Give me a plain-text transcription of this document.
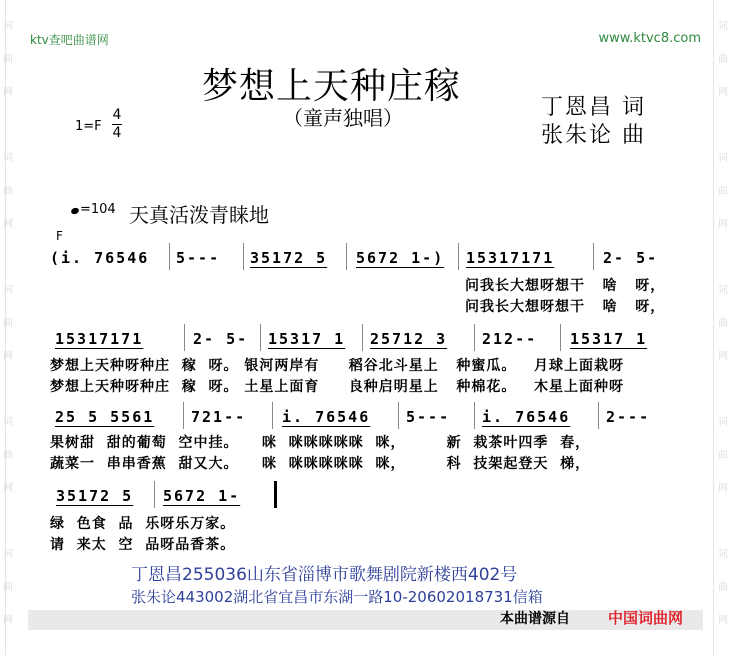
词
曲
网

词
曲
网

词
曲
网

词
曲
网

词
曲
网
词
曲
网

词
曲
网

词
曲
网

词
曲
网

词
曲
网
ktv查吧曲谱网	www.ktvc8.com
梦想上天种庄稼
（童声独唱）	丁恩昌 词
张朱论 曲
1=F
4
4
=104 天真活泼青睐地
F
(i. 76546 5--- 35172 5 5672 1-) 15317171	2- 5-
问我长大想呀想干   啥   呀，
问我长大想呀想干   啥   呀，
15317171	2- 5- 15317 1 25712 3 212-- 15317 1
梦想上天种呀种庄  稼  呀。 银河两岸有     稻谷北斗星上   种蜜瓜。   月球上面栽呀
梦想上天种呀种庄  稼  呀。 土星上面育     良种启明星上   种棉花。   木星上面种呀
25 5 5561 721-- i. 76546 5--- i. 76546 2---
果树甜  甜的葡萄  空中挂。    咪  咪咪咪咪咪  咪，       新  栽茶叶四季  春，
蔬菜一  串串香蕉  甜又大。    咪  咪咪咪咪咪  咪，       科  技架起登天  梯，
35172 5 5672 1-
绿  色食  品  乐呀乐万家。
请  来太  空  品呀品香茶。
丁恩昌255036山东省淄博市歌舞剧院新楼西402号
张朱论443002湖北省宜昌市东湖一路10-20602018731信箱
本曲谱源自	中国词曲网
